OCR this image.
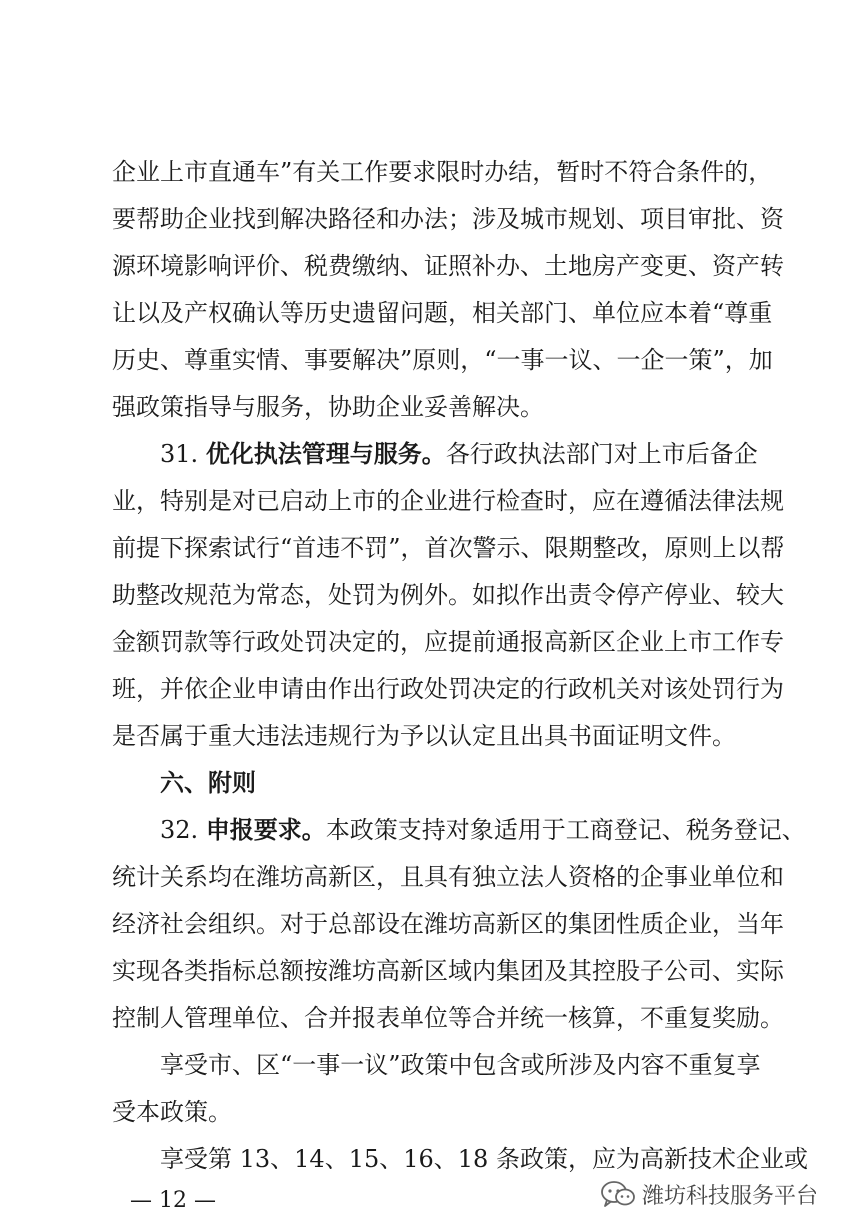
企业上市直通车”有关工作要求限时办结，暂时不符合条件的，
要帮助企业找到解决路径和办法；涉及城市规划、项目审批、资
源环境影响评价、税费缴纳、证照补办、土地房产变更、资产转
让以及产权确认等历史遗留问题，相关部门、单位应本着“尊重
历史、尊重实情、事要解决”原则，“一事一议、一企一策”，加
强政策指导与服务，协助企业妥善解决。
31. 优化执法管理与服务。各行政执法部门对上市后备企
业，特别是对已启动上市的企业进行检查时，应在遵循法律法规
前提下探索试行“首违不罚”，首次警示、限期整改，原则上以帮
助整改规范为常态，处罚为例外。如拟作出责令停产停业、较大
金额罚款等行政处罚决定的，应提前通报高新区企业上市工作专
班，并依企业申请由作出行政处罚决定的行政机关对该处罚行为
是否属于重大违法违规行为予以认定且出具书面证明文件。
六、附则
32. 申报要求。本政策支持对象适用于工商登记、税务登记、
统计关系均在潍坊高新区，且具有独立法人资格的企事业单位和
经济社会组织。对于总部设在潍坊高新区的集团性质企业，当年
实现各类指标总额按潍坊高新区域内集团及其控股子公司、实际
控制人管理单位、合并报表单位等合并统一核算，不重复奖励。
享受市、区“一事一议”政策中包含或所涉及内容不重复享
受本政策。
享受第 13、14、15、16、18 条政策，应为高新技术企业或
— 12 —	潍坊科技服务平台
